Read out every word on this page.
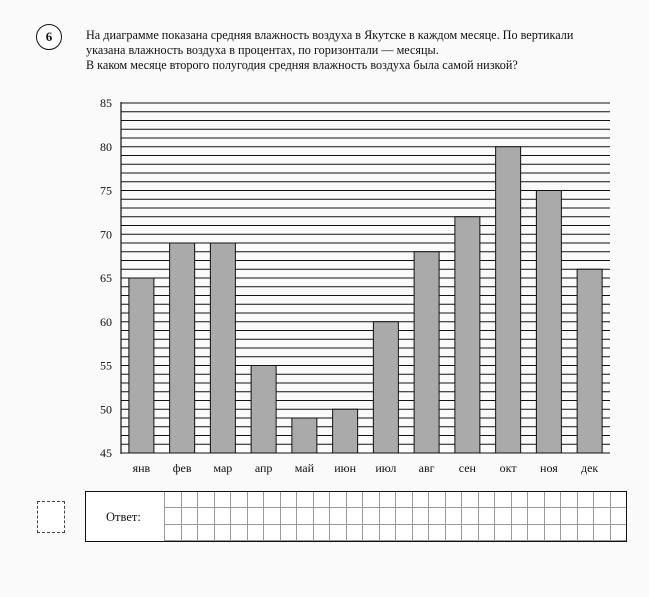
6	На диаграмме показана средняя влажность воздуха в Якутске в каждом месяце. По вертикали
указана влажность воздуха в процентах, по горизонтали — месяцы.
В каком месяце второго полугодия средняя влажность воздуха была самой низкой?
45
50
55
60
65
70
75
80
85
янв фев мар апр май июн июл авг сен окт ноя дек
Ответ:
